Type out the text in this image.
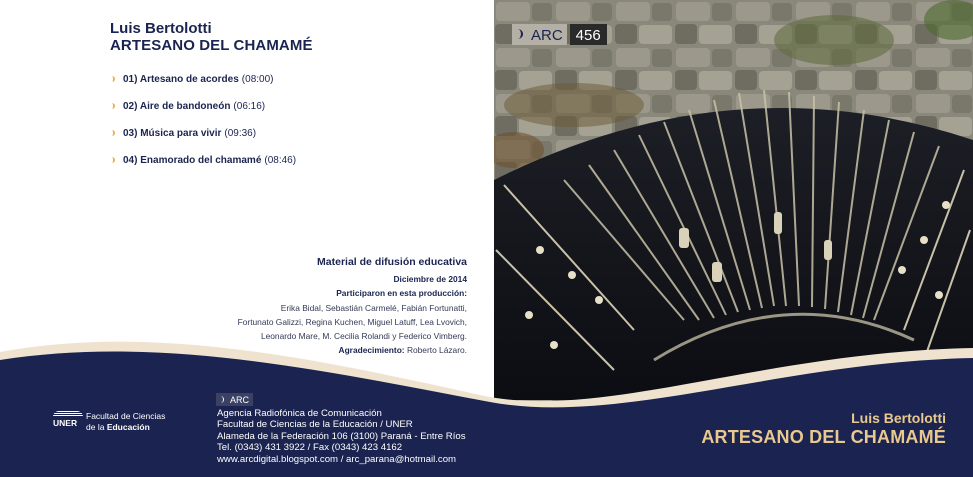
Luis Bertolotti
ARTESANO DEL CHAMAMÉ
01) Artesano de acordes (08:00)
02) Aire de bandoneón (06:16)
03) Música para vivir (09:36)
04) Enamorado del chamamé (08:46)
Material de difusión educativa
Diciembre de 2014
Participaron en esta producción:
Erika Bidal, Sebastián Carmelé, Fabián Fortunatti,
Fortunato Galizzi, Regina Kuchen, Miguel Latuff, Lea Lvovich,
Leonardo Mare, M. Cecilia Rolandi y Federico Vimberg.
Agradecimiento: Roberto Lázaro.
ARC 456
UNER
Facultad de Ciencias
de la Educación
ARC
Agencia Radiofónica de Comunicación
Facultad de Ciencias de la Educación / UNER
Alameda de la Federación 106 (3100) Paraná - Entre Ríos
Tel. (0343) 431 3922 / Fax (0343) 423 4162
www.arcdigital.blogspot.com / arc_parana@hotmail.com
Luis Bertolotti
ARTESANO DEL CHAMAMÉ
